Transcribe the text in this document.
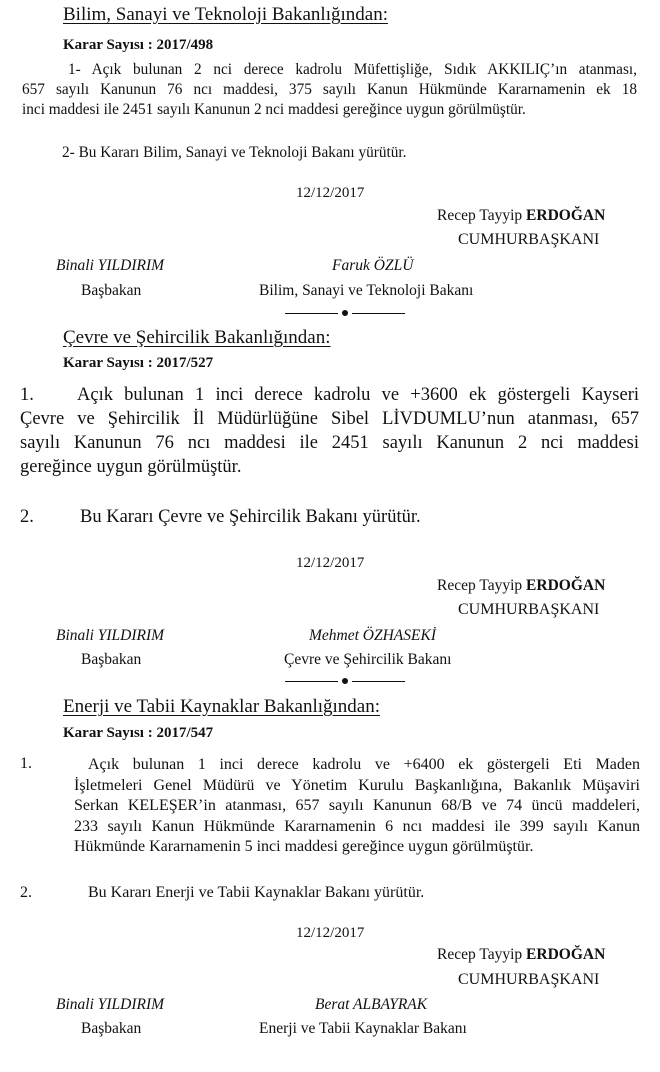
Bilim, Sanayi ve Teknoloji Bakanlığından:
Karar Sayısı : 2017/498
1- Açık bulunan 2 nci derece kadrolu Müfettişliğe, Sıdık AKKILIÇ’ın atanması,
657 sayılı Kanunun 76 ncı maddesi, 375 sayılı Kanun Hükmünde Kararnamenin ek 18
inci maddesi ile 2451 sayılı Kanunun 2 nci maddesi gereğince uygun görülmüştür.
2- Bu Kararı Bilim, Sanayi ve Teknoloji Bakanı yürütür.
12/12/2017
Recep Tayyip ERDOĞAN
CUMHURBAŞKANI
Binali YILDIRIM
Başbakan
Faruk ÖZLÜ
Bilim, Sanayi ve Teknoloji Bakanı
Çevre ve Şehircilik Bakanlığından:
Karar Sayısı : 2017/527
1.	Açık bulunan 1 inci derece kadrolu ve +3600 ek göstergeli Kayseri
Çevre ve Şehircilik İl Müdürlüğüne Sibel LİVDUMLU’nun atanması, 657
sayılı Kanunun 76 ncı maddesi ile 2451 sayılı Kanunun 2 nci maddesi
gereğince uygun görülmüştür.
2. Bu Kararı Çevre ve Şehircilik Bakanı yürütür.
12/12/2017
Recep Tayyip ERDOĞAN
CUMHURBAŞKANI
Binali YILDIRIM
Başbakan
Mehmet ÖZHASEKİ
Çevre ve Şehircilik Bakanı
Enerji ve Tabii Kaynaklar Bakanlığından:
Karar Sayısı : 2017/547
1.	Açık bulunan 1 inci derece kadrolu ve +6400 ek göstergeli Eti Maden
İşletmeleri Genel Müdürü ve Yönetim Kurulu Başkanlığına, Bakanlık Müşaviri
Serkan KELEŞER’in atanması, 657 sayılı Kanunun 68/B ve 74 üncü maddeleri,
233 sayılı Kanun Hükmünde Kararnamenin 6 ncı maddesi ile 399 sayılı Kanun
Hükmünde Kararnamenin 5 inci maddesi gereğince uygun görülmüştür.
2.	Bu Kararı Enerji ve Tabii Kaynaklar Bakanı yürütür.
12/12/2017
Recep Tayyip ERDOĞAN
CUMHURBAŞKANI
Binali YILDIRIM
Başbakan
Berat ALBAYRAK
Enerji ve Tabii Kaynaklar Bakanı
